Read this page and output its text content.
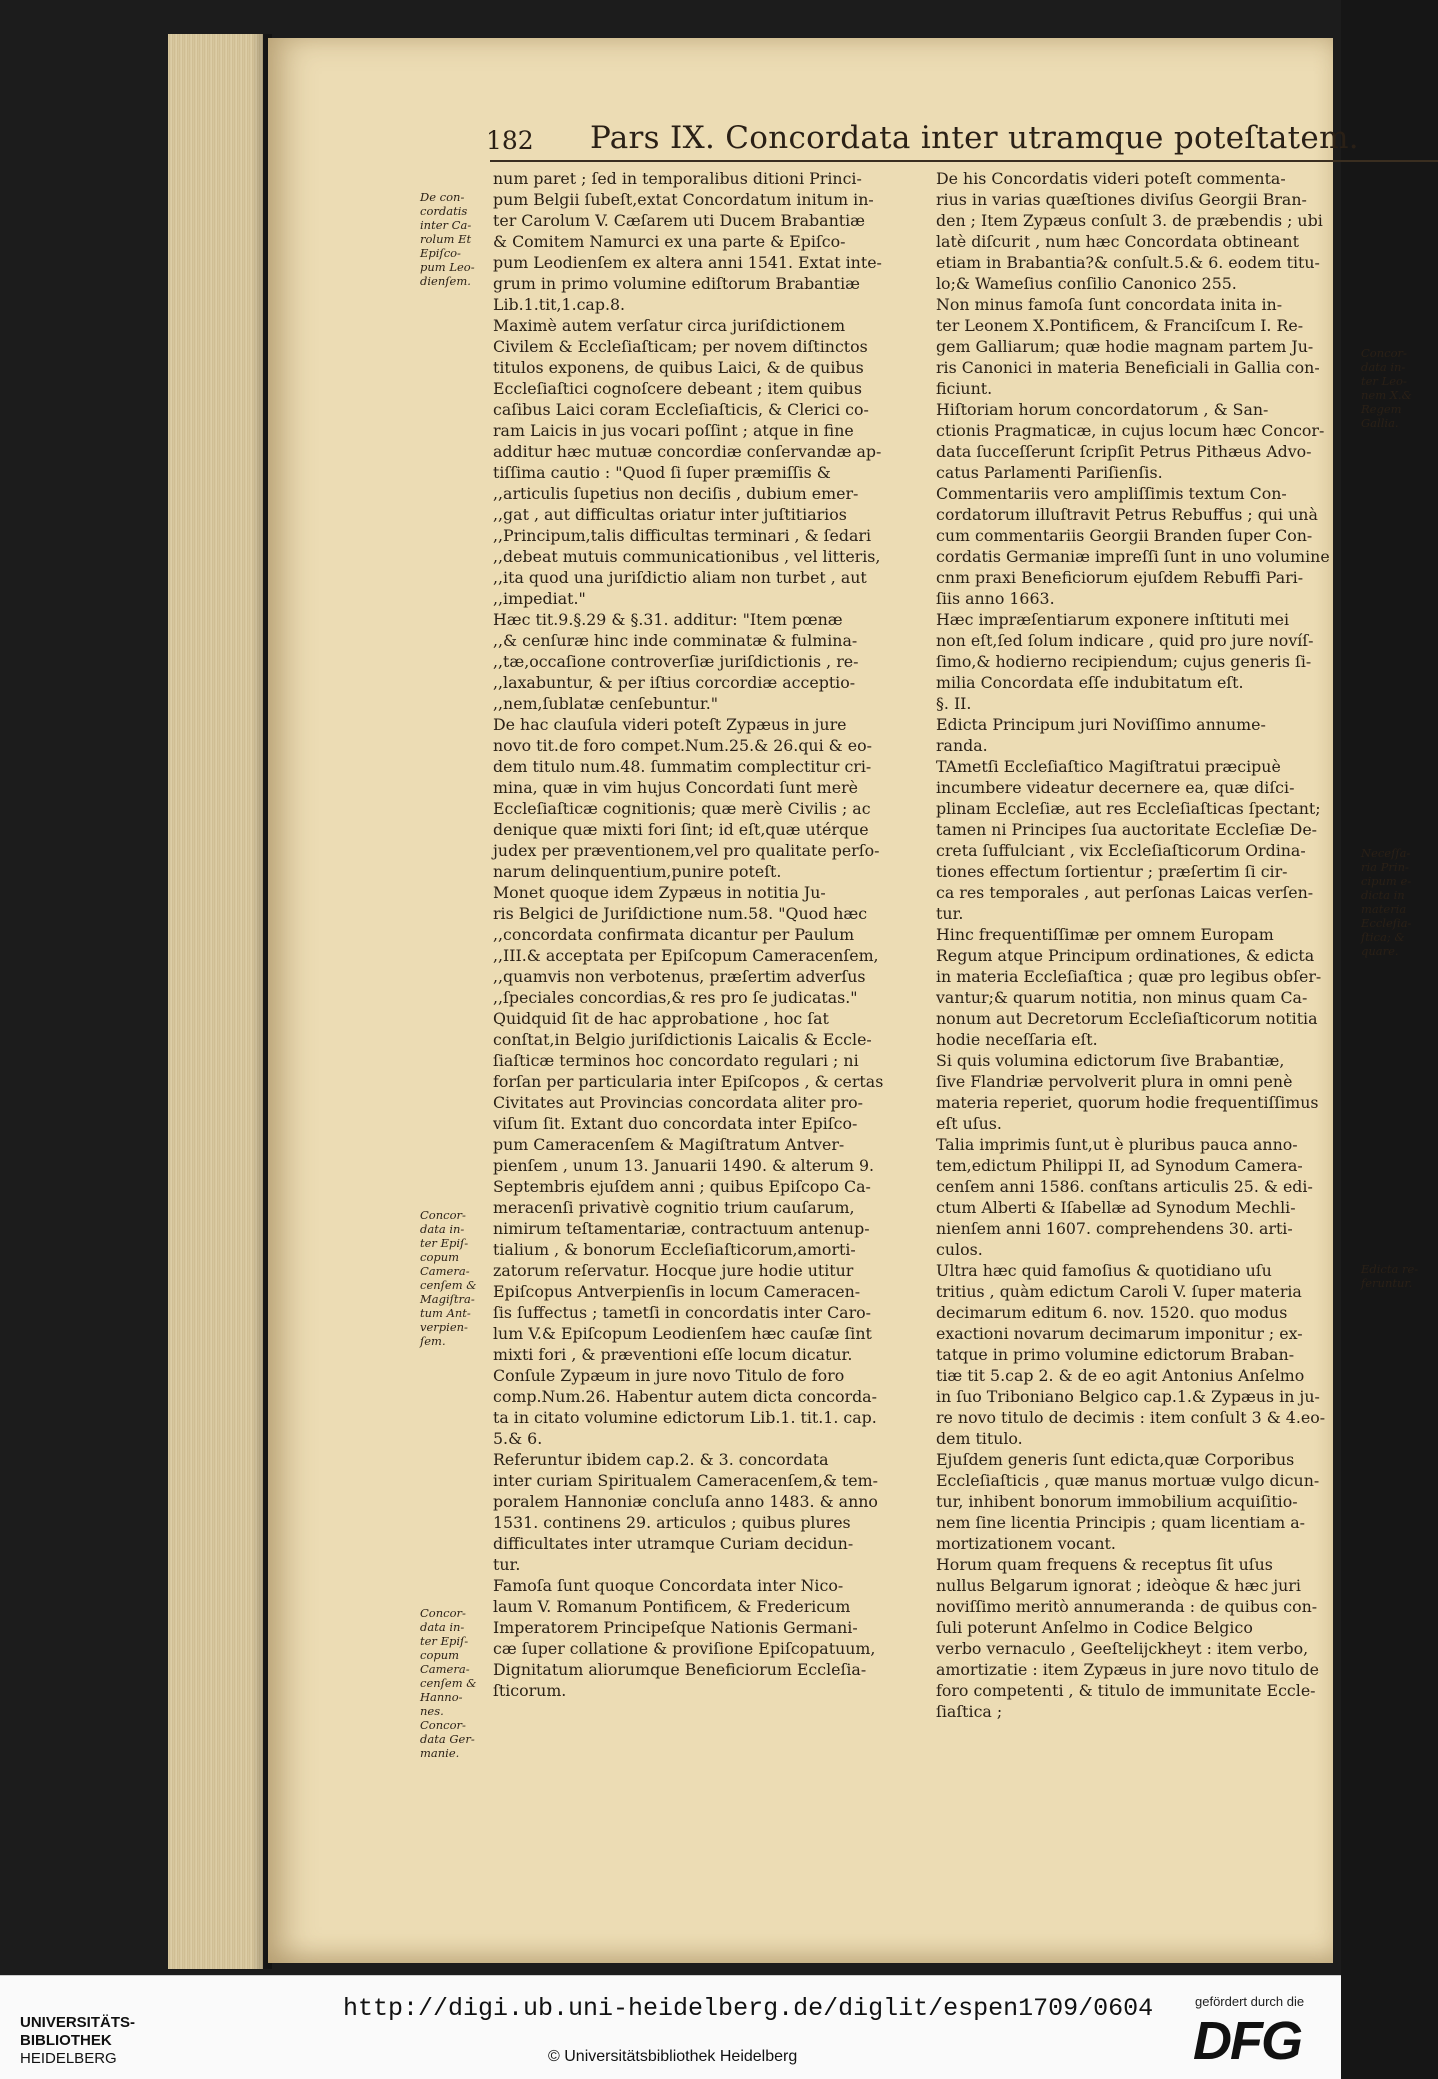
182 Pars IX. Concordata inter utramque poteſtatem.
De con-
cordatis
inter Ca-
rolum Et
Epiſco-
pum Leo-
dienſem.
Concor-
data in-
ter Epiſ-
copum
Camera-
cenſem &
Magiſtra-
tum Ant-
verpien-
ſem.
Concor-
data in-
ter Epiſ-
copum
Camera-
cenſem &
Hanno-
nes.
Concor-
data Ger-
manie.
num paret ; ſed in temporalibus ditioni Princi-
pum Belgii ſubeſt,extat Concordatum initum in-
ter Carolum V. Cæſarem uti Ducem Brabantiæ
& Comitem Namurci ex una parte & Epiſco-
pum Leodienſem ex altera anni 1541. Extat inte-
grum in primo volumine ediſtorum Brabantiæ
Lib.1.tit,1.cap.8.
Maximè autem verſatur circa juriſdictionem
Civilem & Eccleſiaſticam; per novem diſtinctos
titulos exponens, de quibus Laici, & de quibus
Eccleſiaſtici cognoſcere debeant ; item quibus
caſibus Laici coram Eccleſiaſticis, & Clerici co-
ram Laicis in jus vocari poſſint ; atque in fine
additur hæc mutuæ concordiæ conſervandæ ap-
tiſſima cautio : "Quod ſi ſuper præmiſſis &
,,articulis ſupetius non deciſis , dubium emer-
,,gat , aut difficultas oriatur inter juſtitiarios
,,Principum,talis difficultas terminari , & ſedari
,,debeat mutuis communicationibus , vel litteris,
,,ita quod una juriſdictio aliam non turbet , aut
,,impediat."
Hæc tit.9.§.29 & §.31. additur: "Item pœnæ
,,& cenſuræ hinc inde comminatæ & fulmina-
,,tæ,occaſione controverſiæ juriſdictionis , re-
,,laxabuntur, & per iſtius corcordiæ acceptio-
,,nem,ſublatæ cenſebuntur."
De hac clauſula videri poteſt Zypæus in jure
novo tit.de foro compet.Num.25.& 26.qui & eo-
dem titulo num.48. ſummatim complectitur cri-
mina, quæ in vim hujus Concordati ſunt merè
Eccleſiaſticæ cognitionis; quæ merè Civilis ; ac
denique quæ mixti fori ſint; id eſt,quæ utérque
judex per præventionem,vel pro qualitate perſo-
narum delinquentium,punire poteſt.
Monet quoque idem Zypæus in notitia Ju-
ris Belgici de Juriſdictione num.58. "Quod hæc
,,concordata confirmata dicantur per Paulum
,,III.& acceptata per Epiſcopum Cameracenſem,
,,quamvis non verbotenus, præſertim adverſus
,,ſpeciales concordias,& res pro ſe judicatas."
Quidquid ſit de hac approbatione , hoc ſat
conſtat,in Belgio juriſdictionis Laicalis & Eccle-
ſiaſticæ terminos hoc concordato regulari ; ni
forſan per particularia inter Epiſcopos , & certas
Civitates aut Provincias concordata aliter pro-
viſum ſit. Extant duo concordata inter Epiſco-
pum Cameracenſem & Magiſtratum Antver-
pienſem , unum 13. Januarii 1490. & alterum 9.
Septembris ejuſdem anni ; quibus Epiſcopo Ca-
meracenſi privativè cognitio trium cauſarum,
nimirum teſtamentariæ, contractuum antenup-
tialium , & bonorum Eccleſiaſticorum,amorti-
zatorum reſervatur. Hocque jure hodie utitur
Epiſcopus Antverpienſis in locum Cameracen-
ſis ſuffectus ; tametſi in concordatis inter Caro-
lum V.& Epiſcopum Leodienſem hæc cauſæ ſint
mixti fori , & præventioni eſſe locum dicatur.
Conſule Zypæum in jure novo Titulo de foro
comp.Num.26. Habentur autem dicta concorda-
ta in citato volumine edictorum Lib.1. tit.1. cap.
5.& 6.
Referuntur ibidem cap.2. & 3. concordata
inter curiam Spiritualem Cameracenſem,& tem-
poralem Hannoniæ concluſa anno 1483. & anno
1531. continens 29. articulos ; quibus plures
difficultates inter utramque Curiam decidun-
tur.
Famoſa ſunt quoque Concordata inter Nico-
laum V. Romanum Pontificem, & Fredericum
Imperatorem Principeſque Nationis Germani-
cæ ſuper collatione & proviſione Epiſcopatuum,
Dignitatum aliorumque Beneficiorum Eccleſia-
ſticorum.
De his Concordatis videri poteſt commenta-
rius in varias quæſtiones diviſus Georgii Bran-
den ; Item Zypæus conſult 3. de præbendis ; ubi
latè diſcurit , num hæc Concordata obtineant
etiam in Brabantia?& conſult.5.& 6. eodem titu-
lo;& Wameſius conſilio Canonico 255.
Non minus famoſa ſunt concordata inita in-
ter Leonem X.Pontificem, & Franciſcum I. Re-
gem Galliarum; quæ hodie magnam partem Ju-
ris Canonici in materia Beneficiali in Gallia con-
ficiunt.
Hiſtoriam horum concordatorum , & San-
ctionis Pragmaticæ, in cujus locum hæc Concor-
data ſucceſſerunt ſcripſit Petrus Pithæus Advo-
catus Parlamenti Pariſienſis.
Commentariis vero ampliſſimis textum Con-
cordatorum illuſtravit Petrus Rebuffus ; qui unà
cum commentariis Georgii Branden ſuper Con-
cordatis Germaniæ impreſſi ſunt in uno volumine
cnm praxi Beneficiorum ejuſdem Rebuffi Pari-
ſiis anno 1663.
Hæc impræſentiarum exponere inſtituti mei
non eſt,ſed ſolum indicare , quid pro jure novíſ-
ſimo,& hodierno recipiendum; cujus generis ſi-
milia Concordata eſſe indubitatum eſt.
§. II.
Edicta Principum juri Noviſſimo annume-
randa.
TAmetſi Eccleſiaſtico Magiſtratui præcipuè
incumbere videatur decernere ea, quæ diſci-
plinam Eccleſiæ, aut res Eccleſiaſticas ſpectant;
tamen ni Principes ſua auctoritate Eccleſiæ De-
creta ſuffulciant , vix Eccleſiaſticorum Ordina-
tiones effectum ſortientur ; præſertim ſi cir-
ca res temporales , aut perſonas Laicas verſen-
tur.
Hinc frequentiſſimæ per omnem Europam
Regum atque Principum ordinationes, & edicta
in materia Eccleſiaſtica ; quæ pro legibus obſer-
vantur;& quarum notitia, non minus quam Ca-
nonum aut Decretorum Eccleſiaſticorum notitia
hodie neceſſaria eſt.
Si quis volumina edictorum ſive Brabantiæ,
ſive Flandriæ pervolverit plura in omni penè
materia reperiet, quorum hodie frequentiſſimus
eſt uſus.
Talia imprimis ſunt,ut è pluribus pauca anno-
tem,edictum Philippi II, ad Synodum Camera-
cenſem anni 1586. conſtans articulis 25. & edi-
ctum Alberti & Iſabellæ ad Synodum Mechli-
nienſem anni 1607. comprehendens 30. arti-
culos.
Ultra hæc quid famoſius & quotidiano uſu
tritius , quàm edictum Caroli V. ſuper materia
decimarum editum 6. nov. 1520. quo modus
exactioni novarum decimarum imponitur ; ex-
tatque in primo volumine edictorum Braban-
tiæ tit 5.cap 2. & de eo agit Antonius Anſelmo
in ſuo Triboniano Belgico cap.1.& Zypæus in ju-
re novo titulo de decimis : item conſult 3 & 4.eo-
dem titulo.
Ejuſdem generis ſunt edicta,quæ Corporibus
Eccleſiaſticis , quæ manus mortuæ vulgo dicun-
tur, inhibent bonorum immobilium acquiſitio-
nem ſine licentia Principis ; quam licentiam a-
mortizationem vocant.
Horum quam frequens & receptus ſit uſus
nullus Belgarum ignorat ; ideòque & hæc juri
noviſſimo meritò annumeranda : de quibus con-
ſuli poterunt Anſelmo in Codice Belgico
verbo vernaculo , Geeſtelijckheyt : item verbo,
amortizatie : item Zypæus in jure novo titulo de
foro competenti , & titulo de immunitate Eccle-
ſiaſtica ;
Concor-
data in-
ter Leo-
nem X.&
Regem
Gallia.
Neceſſa-
ria Prin-
cipum e-
dicta in
materia
Eccleſia-
ſtica; &
quare.
Edicta re-
feruntur.
UNIVERSITÄTS-
BIBLIOTHEK
HEIDELBERG
http://digi.ub.uni-heidelberg.de/diglit/espen1709/0604
© Universitätsbibliothek Heidelberg
gefördert durch die
DFG
